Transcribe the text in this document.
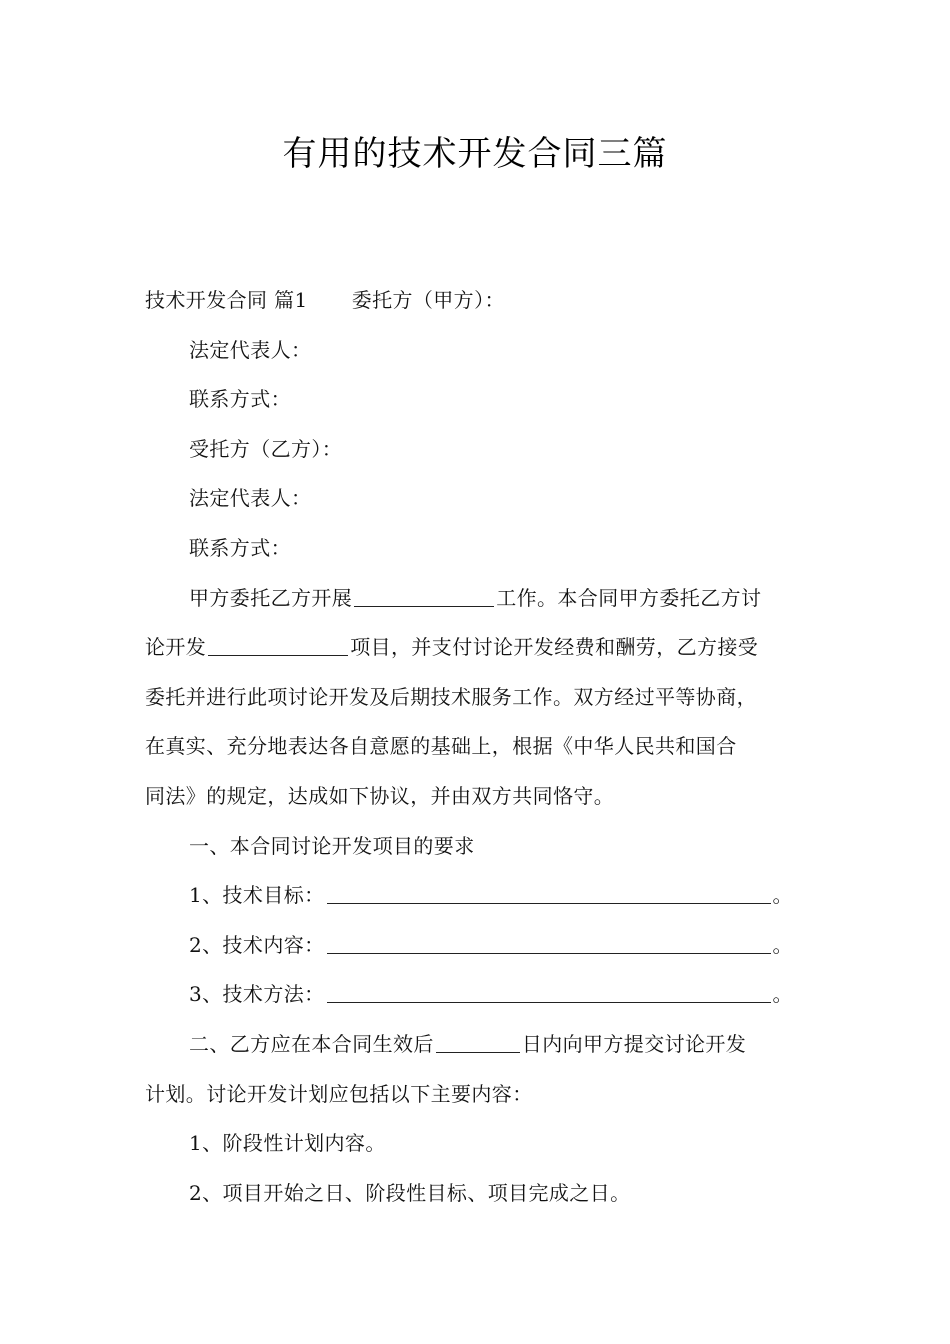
有用的技术开发合同三篇
技术开发合同 篇1 委托方（甲方）：
法定代表人：
联系方式：
受托方（乙方）：
法定代表人：
联系方式：
甲方委托乙方开展	工作。本合同甲方委托乙方讨
论开发	项目，并支付讨论开发经费和酬劳，乙方接受
委托并进行此项讨论开发及后期技术服务工作。双方经过平等协商，
在真实、充分地表达各自意愿的基础上，根据《中华人民共和国合
同法》的规定，达成如下协议，并由双方共同恪守。
一、本合同讨论开发项目的要求
1、技术目标：	。
2、技术内容：	。
3、技术方法：	。
二、乙方应在本合同生效后	日内向甲方提交讨论开发
计划。讨论开发计划应包括以下主要内容：
1、阶段性计划内容。
2、项目开始之日、阶段性目标、项目完成之日。
